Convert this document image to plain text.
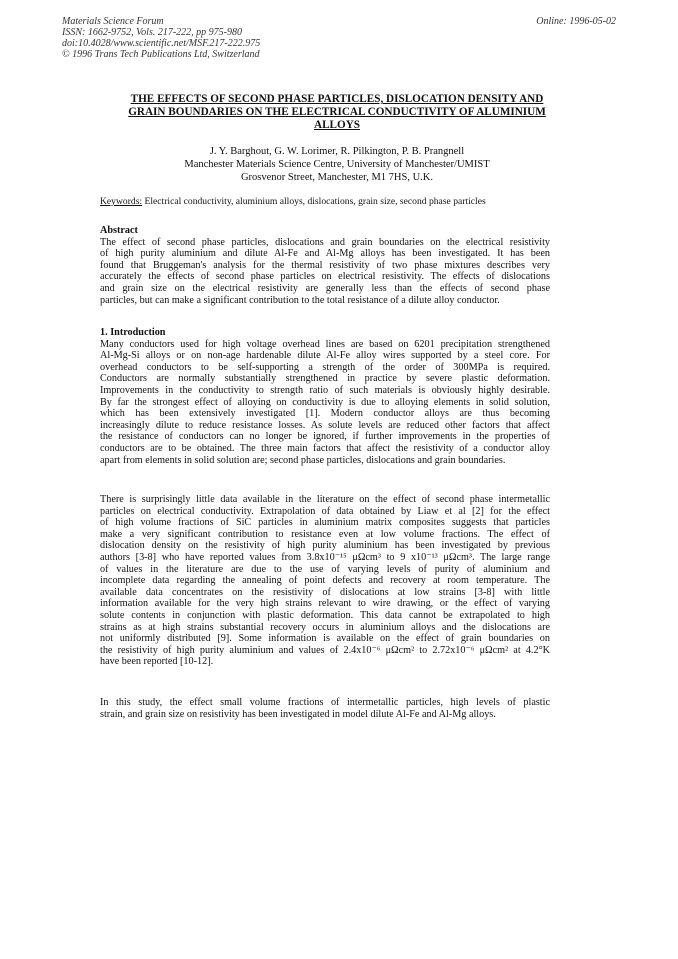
Materials Science Forum
ISSN: 1662-9752, Vols. 217-222, pp 975-980
doi:10.4028/www.scientific.net/MSF.217-222.975
© 1996 Trans Tech Publications Ltd, Switzerland
Online: 1996-05-02
THE EFFECTS OF SECOND PHASE PARTICLES, DISLOCATION DENSITY AND
GRAIN BOUNDARIES ON THE ELECTRICAL CONDUCTIVITY OF ALUMINIUM
ALLOYS
J. Y. Barghout, G. W. Lorimer, R. Pilkington, P. B. Prangnell
Manchester Materials Science Centre, University of Manchester/UMIST
Grosvenor Street, Manchester, M1 7HS, U.K.
Keywords: Electrical conductivity, aluminium alloys, dislocations, grain size, second phase particles
Abstract
The effect of second phase particles, dislocations and grain boundaries on the electrical resistivity
of high purity aluminium and dilute Al-Fe and Al-Mg alloys has been investigated. It has been
found that Bruggeman's analysis for the thermal resistivity of two phase mixtures describes very
accurately the effects of second phase particles on electrical resistivity. The effects of dislocations
and grain size on the electrical resistivity are generally less than the effects of second phase
particles, but can make a significant contribution to the total resistance of a dilute alloy conductor.
1. Introduction
Many conductors used for high voltage overhead lines are based on 6201 precipitation strengthened
Al-Mg-Si alloys or on non-age hardenable dilute Al-Fe alloy wires supported by a steel core. For
overhead conductors to be self-supporting a strength of the order of 300MPa is required.
Conductors are normally substantially strengthened in practice by severe plastic deformation.
Improvements in the conductivity to strength ratio of such materials is obviously highly desirable.
By far the strongest effect of alloying on conductivity is due to alloying elements in solid solution,
which has been extensively investigated [1]. Modern conductor alloys are thus becoming
increasingly dilute to reduce resistance losses. As solute levels are reduced other factors that affect
the resistance of conductors can no longer be ignored, if further improvements in the properties of
conductors are to be obtained. The three main factors that affect the resistivity of a conductor alloy
apart from elements in solid solution are; second phase particles, dislocations and grain boundaries.
There is surprisingly little data available in the literature on the effect of second phase intermetallic
particles on electrical conductivity. Extrapolation of data obtained by Liaw et al [2] for the effect
of high volume fractions of SiC particles in aluminium matrix composites suggests that particles
make a very significant contribution to resistance even at low volume fractions. The effect of
dislocation density on the resistivity of high purity aluminium has been investigated by previous
authors [3-8] who have reported values from 3.8x10⁻¹⁵ μΩcm³ to 9 x10⁻¹³ μΩcm³. The large range
of values in the literature are due to the use of varying levels of purity of aluminium and
incomplete data regarding the annealing of point defects and recovery at room temperature. The
available data concentrates on the resistivity of dislocations at low strains [3-8] with little
information available for the very high strains relevant to wire drawing, or the effect of varying
solute contents in conjunction with plastic deformation. This data cannot be extrapolated to high
strains as at high strains substantial recovery occurs in aluminium alloys and the dislocations are
not uniformly distributed [9]. Some information is available on the effect of grain boundaries on
the resistivity of high purity aluminium and values of 2.4x10⁻⁶ μΩcm² to 2.72x10⁻⁶ μΩcm² at 4.2°K
have been reported [10-12].
In this study, the effect small volume fractions of intermetallic particles, high levels of plastic
strain, and grain size on resistivity has been investigated in model dilute Al-Fe and Al-Mg alloys.
